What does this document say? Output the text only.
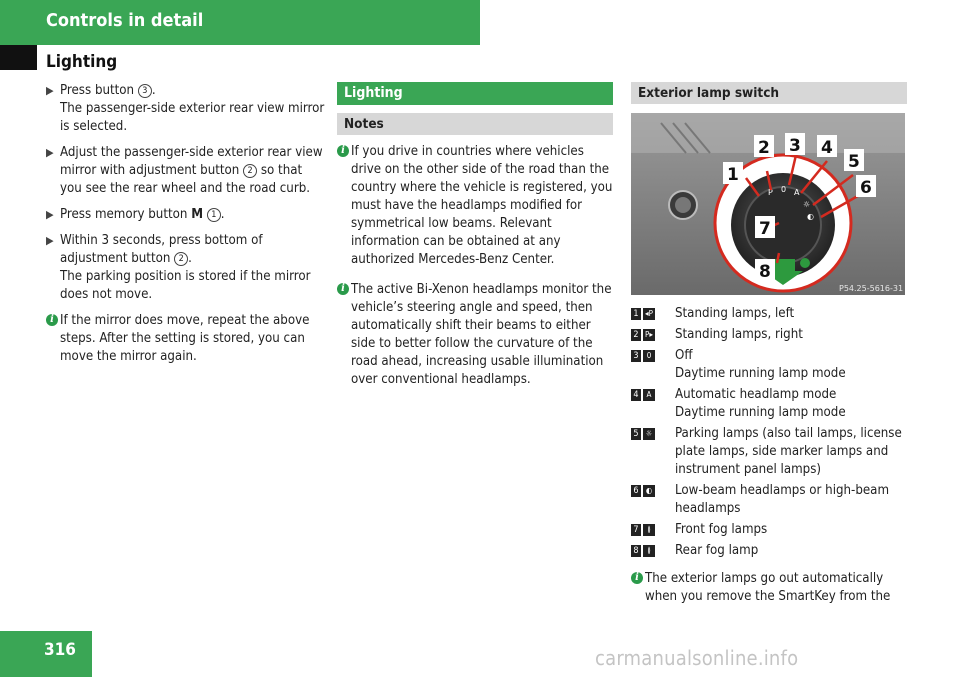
Controls in detail
Lighting
▶ Press button 3 .
The passenger-side exterior rear view mirror is selected.
▶ Adjust the passenger-side exterior rear view mirror with adjustment button 2 so that you see the rear wheel and the road curb.
▶ Press memory button M 1 .
▶ Within 3 seconds, press bottom of adjustment button 2 .
The parking position is stored if the mirror does not move.
i If the mirror does move, repeat the above steps. After the setting is stored, you can move the mirror again.
Lighting
Notes
i If you drive in countries where vehicles drive on the other side of the road than the country where the vehicle is registered, you must have the headlamps modified for symmetrical low beams. Relevant information can be obtained at any authorized Mercedes-Benz Center.
i The active Bi-Xenon headlamps monitor the vehicle’s steering angle and speed, then automatically shift their beams to either side to better follow the curvature of the road ahead, increasing usable illumination over conventional headlamps.
Exterior lamp switch
P 0 A
☼
◐
1
2 3 4
5
6
7
8
P54.25-5616-31
1 ◂P Standing lamps, left
2 P▸ Standing lamps, right
3	0 Off
Daytime running lamp mode
4 A Automatic headlamp mode
Daytime running lamp mode
5 ☼ Parking lamps (also tail lamps, license plate lamps, side marker lamps and instrument panel lamps)
6 ◐ Low-beam headlamps or high-beam headlamps
7	≬	Front fog lamps
8	≬	Rear fog lamp
i The exterior lamps go out automatically when you remove the SmartKey from the
316	carmanualsonline.info
